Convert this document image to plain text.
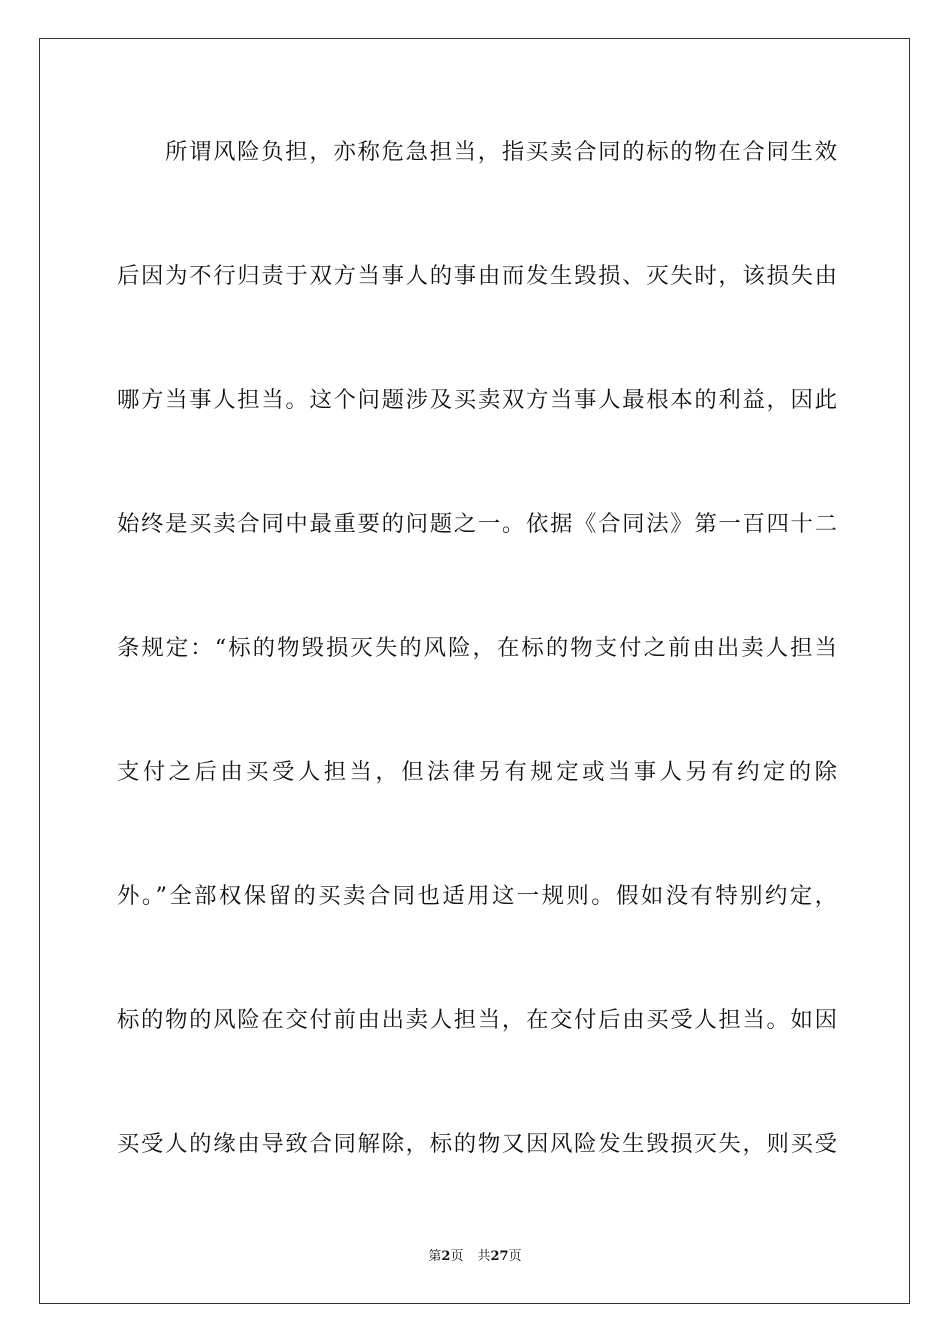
所谓风险负担，亦称危急担当，指买卖合同的标的物在合同生效
后因为不行归责于双方当事人的事由而发生毁损、灭失时，该损失由
哪方当事人担当。这个问题涉及买卖双方当事人最根本的利益，因此
始终是买卖合同中最重要的问题之一。依据《合同法》第一百四十二
条规定：“标的物毁损灭失的风险，在标的物支付之前由出卖人担当
支付之后由买受人担当，但法律另有规定或当事人另有约定的除
外。”全部权保留的买卖合同也适用这一规则。假如没有特别约定，
标的物的风险在交付前由出卖人担当，在交付后由买受人担当。如因
买受人的缘由导致合同解除，标的物又因风险发生毁损灭失，则买受
第2页 共27页
